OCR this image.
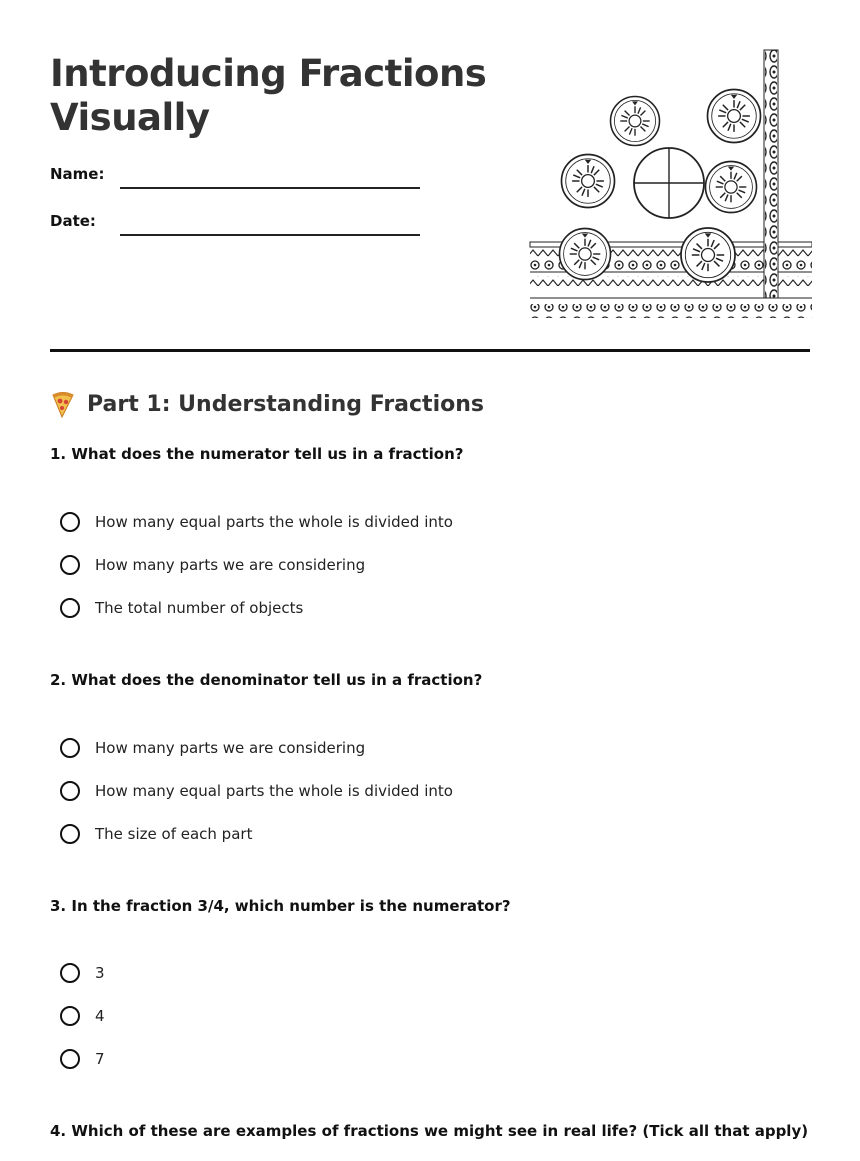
Introducing Fractions
Visually
Name:
Date:
Part 1: Understanding Fractions
1. What does the numerator tell us in a fraction?
How many equal parts the whole is divided into
How many parts we are considering
The total number of objects
2. What does the denominator tell us in a fraction?
How many parts we are considering
How many equal parts the whole is divided into
The size of each part
3. In the fraction 3/4, which number is the numerator?
3
4
7
4. Which of these are examples of fractions we might see in real life? (Tick all that apply)
